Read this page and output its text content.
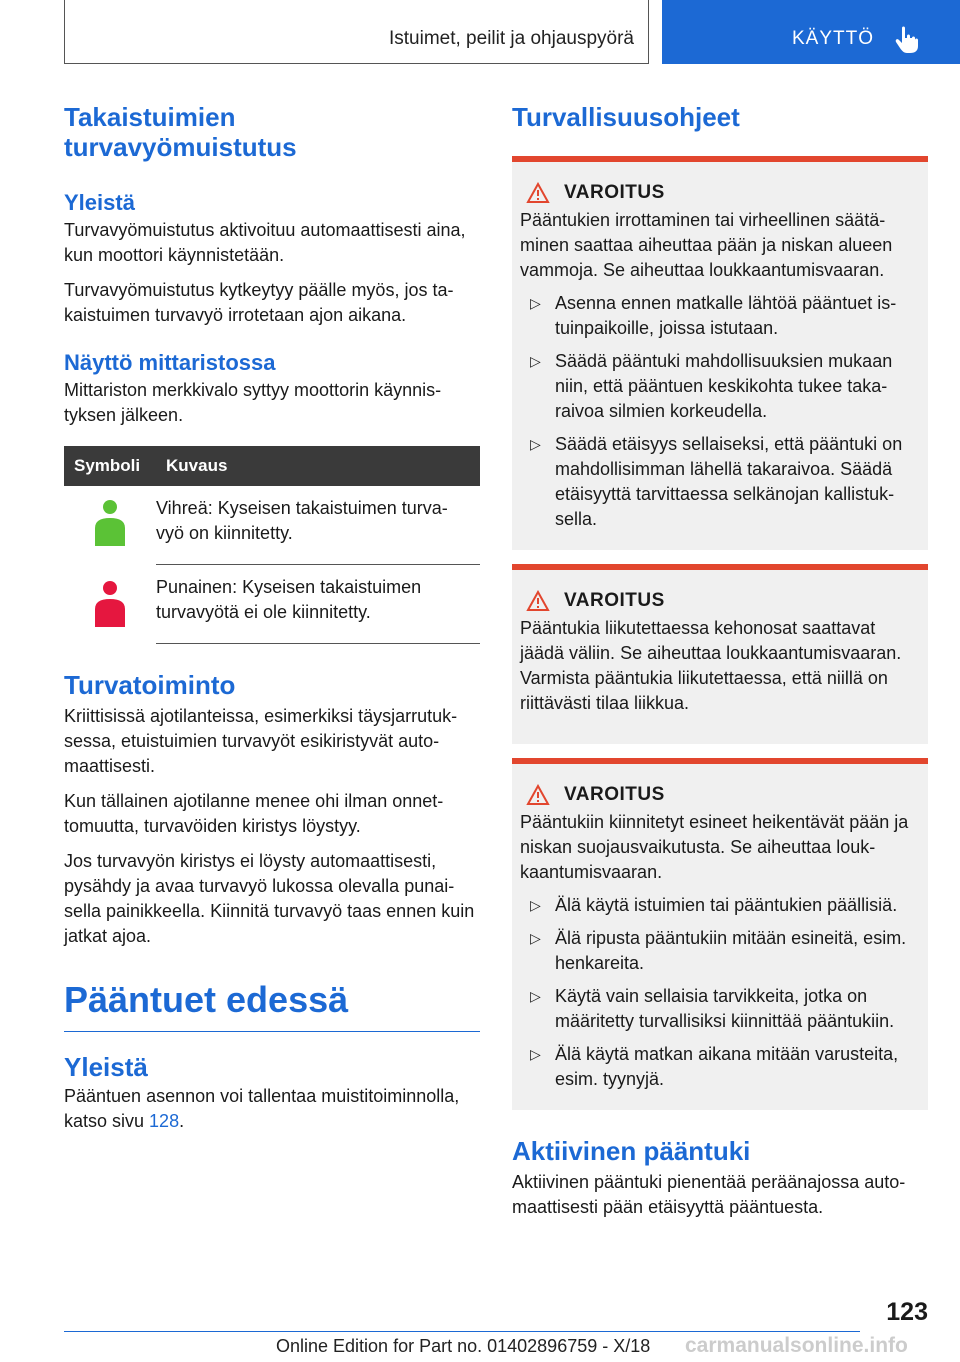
Istuimet, peilit ja ohjauspyörä	KÄYTTÖ
Takaistuimien turvavyömuistutus
Yleistä

Turvavyömuistutus aktivoituu automaattisesti aina, kun moottori käynnistetään.

Turvavyömuistutus kytkeytyy päälle myös, jos ta-kaistuimen turvavyö irrotetaan ajon aikana.

Näyttö mittaristossa

Mittariston merkkivalo syttyy moottorin käynnis-tyksen jälkeen.

Symboli	Kuvaus
	Vihreä: Kyseisen takaistuimen turva-vyö on kiinnitetty.
	Punainen: Kyseisen takaistuimen turvavyötä ei ole kiinnitetty.
Turvatoiminto

Kriittisissä ajotilanteissa, esimerkiksi täysjarrutuk-sessa, etuistuimien turvavyöt esikiristyvät auto-maattisesti.

Kun tällainen ajotilanne menee ohi ilman onnet-tomuutta, turvavöiden kiristys löystyy.

Jos turvavyön kiristys ei löysty automaattisesti, pysähdy ja avaa turvavyö lukossa olevalla punai-sella painikkeella. Kiinnitä turvavyö taas ennen kuin jatkat ajoa.

Pääntuet edessä
Yleistä

Pääntuen asennon voi tallentaa muistitoiminnolla, katso sivu 128.

Turvallisuusohjeet
VAROITUS

Pääntukien irrottaminen tai virheellinen säätä-minen saattaa aiheuttaa pään ja niskan alueen vammoja. Se aiheuttaa loukkaantumisvaaran.

▷ Asenna ennen matkalle lähtöä pääntuet is-tuinpaikoille, joissa istutaan.
▷ Säädä pääntuki mahdollisuuksien mukaan niin, että pääntuen keskikohta tukee taka-raivoa silmien korkeudella.
▷ Säädä etäisyys sellaiseksi, että pääntuki on mahdollisimman lähellä takaraivoa. Säädä etäisyyttä tarvittaessa selkänojan kallistuk-sella.
VAROITUS

Pääntukia liikutettaessa kehonosat saattavat jäädä väliin. Se aiheuttaa loukkaantumisvaaran. Varmista pääntukia liikutettaessa, että niillä on riittävästi tilaa liikkua.

VAROITUS

Pääntukiin kiinnitetyt esineet heikentävät pään ja niskan suojausvaikutusta. Se aiheuttaa louk-kaantumisvaaran.

▷ Älä käytä istuimien tai pääntukien päällisiä.
▷ Älä ripusta pääntukiin mitään esineitä, esim. henkareita.
▷ Käytä vain sellaisia tarvikkeita, jotka on määritetty turvallisiksi kiinnittää pääntukiin.
▷ Älä käytä matkan aikana mitään varusteita, esim. tyynyjä.
Aktiivinen pääntuki

Aktiivinen pääntuki pienentää peräänajossa auto-maattisesti pään etäisyyttä pääntuesta.

123
Online Edition for Part no. 01402896759 - X/18 carmanualsonline.info
